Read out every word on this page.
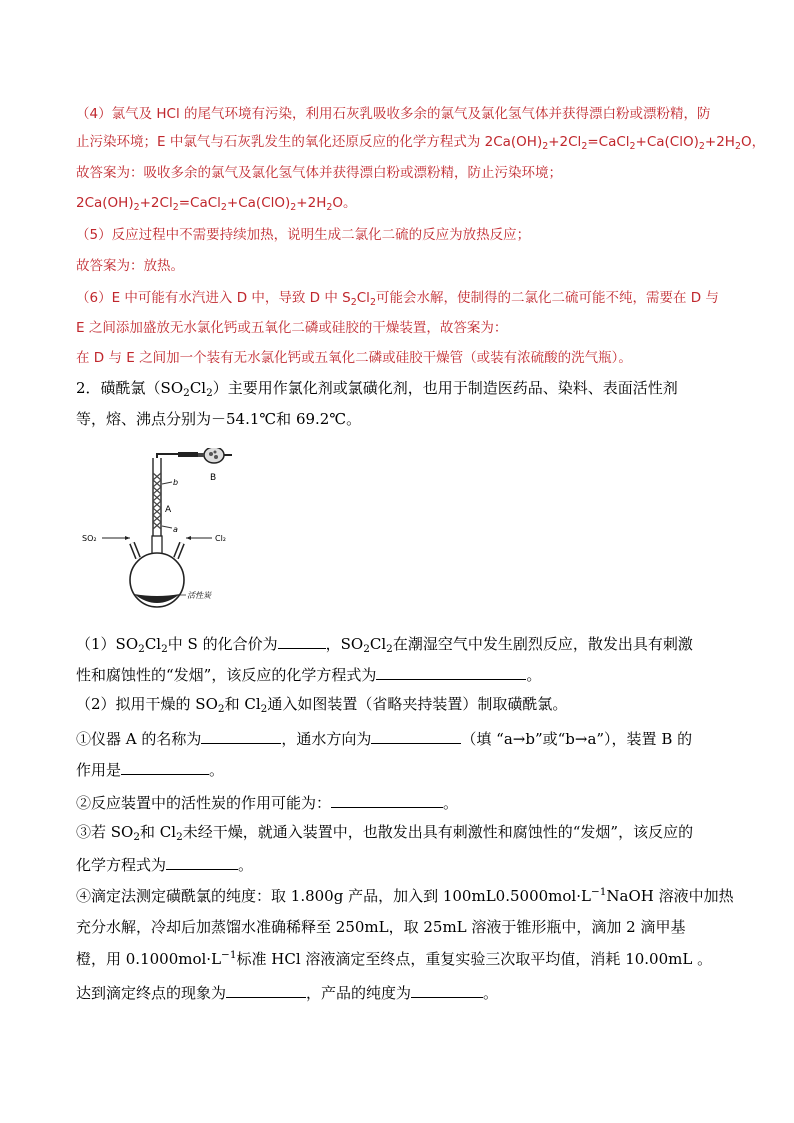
（4）氯气及 HCl 的尾气环境有污染，利用石灰乳吸收多余的氯气及氯化氢气体并获得漂白粉或漂粉精，防
止污染环境；E 中氯气与石灰乳发生的氧化还原反应的化学方程式为 $2Ca(OH)_2+2Cl_2=CaCl_2+Ca(ClO)_2+2H_2O$，
故答案为：吸收多余的氯气及氯化氢气体并获得漂白粉或漂粉精，防止污染环境；
$2Ca(OH)_2+2Cl_2=CaCl_2+Ca(ClO)_2+2H_2O$。
（5）反应过程中不需要持续加热，说明生成二氯化二硫的反应为放热反应；
故答案为：放热。
（6）E 中可能有水汽进入 D 中，导致 D 中 $S_2Cl_2$可能会水解，使制得的二氯化二硫可能不纯，需要在 D 与
E 之间添加盛放无水氯化钙或五氧化二磷或硅胶的干燥装置，故答案为：
在 D 与 E 之间加一个装有无水氯化钙或五氧化二磷或硅胶干燥管（或装有浓硫酸的洗气瓶）。
2．磺酰氯$(SO_2Cl_2)$主要用作氯化剂或氯磺化剂，也用于制造医药品、染料、表面活性剂
等，熔、沸点分别为－54.1℃和 69.2℃。
B
b
A
a
SO₂	Cl₂
活性炭
$(1)SO_2Cl_2$中 S 的化合价为	，$SO_2Cl_2$在潮湿空气中发生剧烈反应，散发出具有刺激
性和腐蚀性的“发烟”，该反应的化学方程式为	。
（2）拟用干燥的 $SO_2$和 $Cl_2$通入如图装置（省略夹持装置）制取磺酰氯。
①仪器 A 的名称为	，通水方向为	（填 “a→b”或“b→a”），装置 B 的
作用是	。
②反应装置中的活性炭的作用可能为：	。
③若 $SO_2$和 $Cl_2$未经干燥，就通入装置中，也散发出具有刺激性和腐蚀性的“发烟”，该反应的
化学方程式为	。
④滴定法测定磺酰氯的纯度：取 1.800g 产品，加入到 $100mL0.5000mol\cdot L^{-1}NaOH$ 溶液中加热
充分水解，冷却后加蒸馏水准确稀释至 250mL，取 25mL 溶液于锥形瓶中，滴加 2 滴甲基
橙，用 $0.1000mol\cdot L^{-1}$标准 HCl 溶液滴定至终点，重复实验三次取平均值，消耗 10.00mL 。
达到滴定终点的现象为	，产品的纯度为	。
